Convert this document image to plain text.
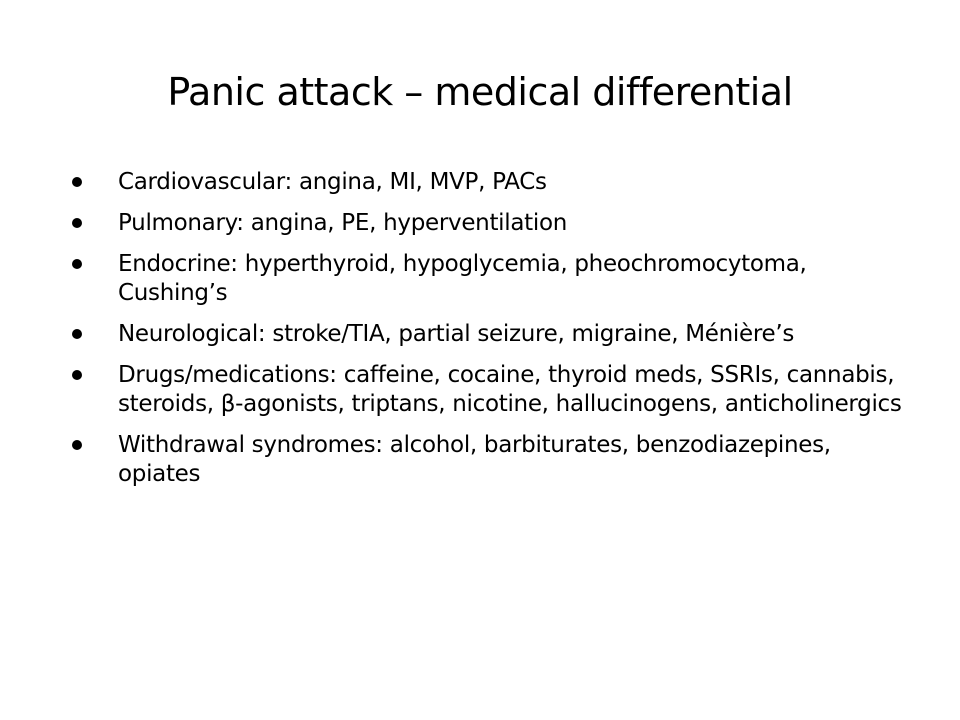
Panic attack – medical differential
Cardiovascular: angina, MI, MVP, PACs
Pulmonary: angina, PE, hyperventilation
Endocrine: hyperthyroid, hypoglycemia, pheochromocytoma, Cushing’s
Neurological: stroke/TIA, partial seizure, migraine, Ménière’s
Drugs/medications: caffeine, cocaine, thyroid meds, SSRIs, cannabis, steroids, β-agonists, triptans, nicotine, hallucinogens, anticholinergics
Withdrawal syndromes: alcohol, barbiturates, benzodiazepines, opiates
